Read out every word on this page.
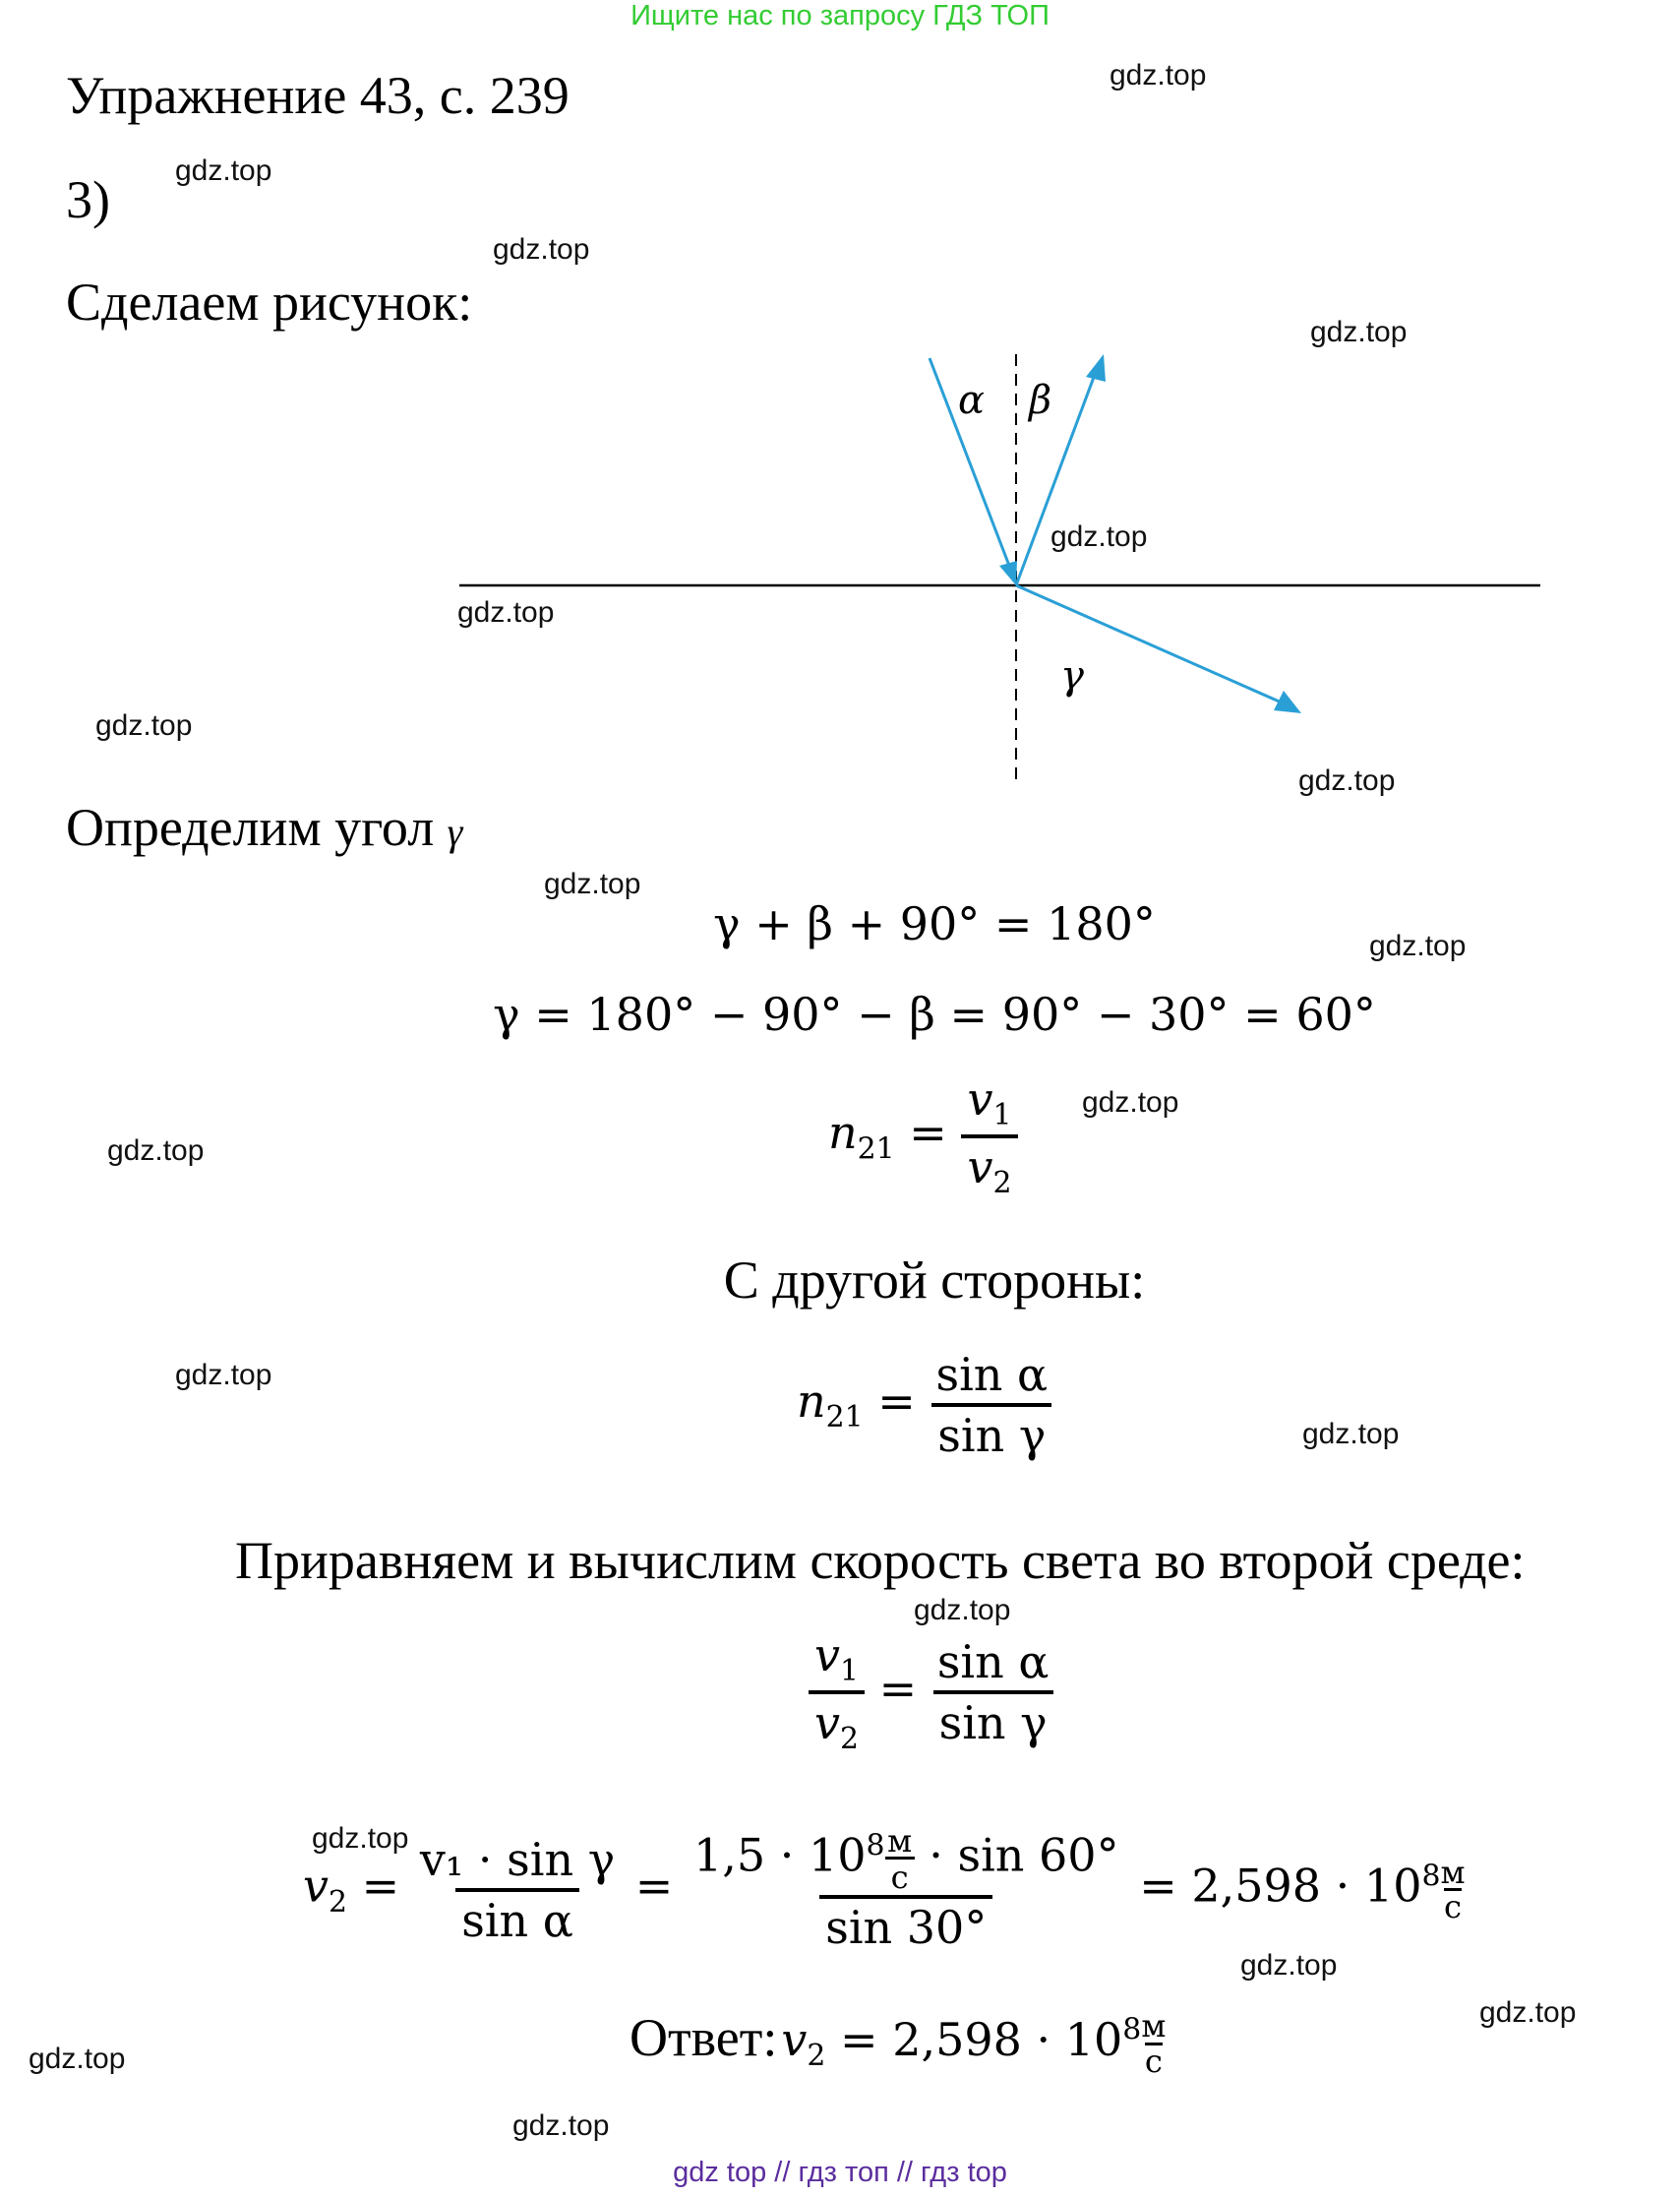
Ищите нас по запросу ГДЗ ТОП
Упражнение 43, с. 239
3)
Сделаем рисунок:
α β
γ
Определим угол γ
γ + β + 90° = 180°
γ = 180° − 90° − β = 90° − 30° = 60°
$n_{21} = \frac{v_1}{v_2}$
С другой стороны:
$n_{21} = \frac{\text{sin α}}{\text{sin γ}}$
Приравняем и вычислим скорость света во второй среде:
$\frac{v_1}{v_2} = \frac{\text{sin α}}{\text{sin γ}}$
$v_2 = \frac{\text{v₁ · sin γ}}{\text{sin α}} = 1,5 \cdot 10^8$ м
с · sin 60°
$\sin 30^\circ = 2,598 \cdot 10^8$ м
с
Ответ: $v_2 = 2,598 \cdot 10^8$ м
с
gdz.top
gdz.top
gdz.top
gdz.top
gdz.top
gdz.top
gdz.top
gdz.top
gdz.top
gdz.top
gdz.top
gdz.top
gdz.top
gdz.top
gdz.top
gdz.top
gdz.top
gdz.top
gdz.top
gdz.top
gdz top // гдз топ // гдз top
